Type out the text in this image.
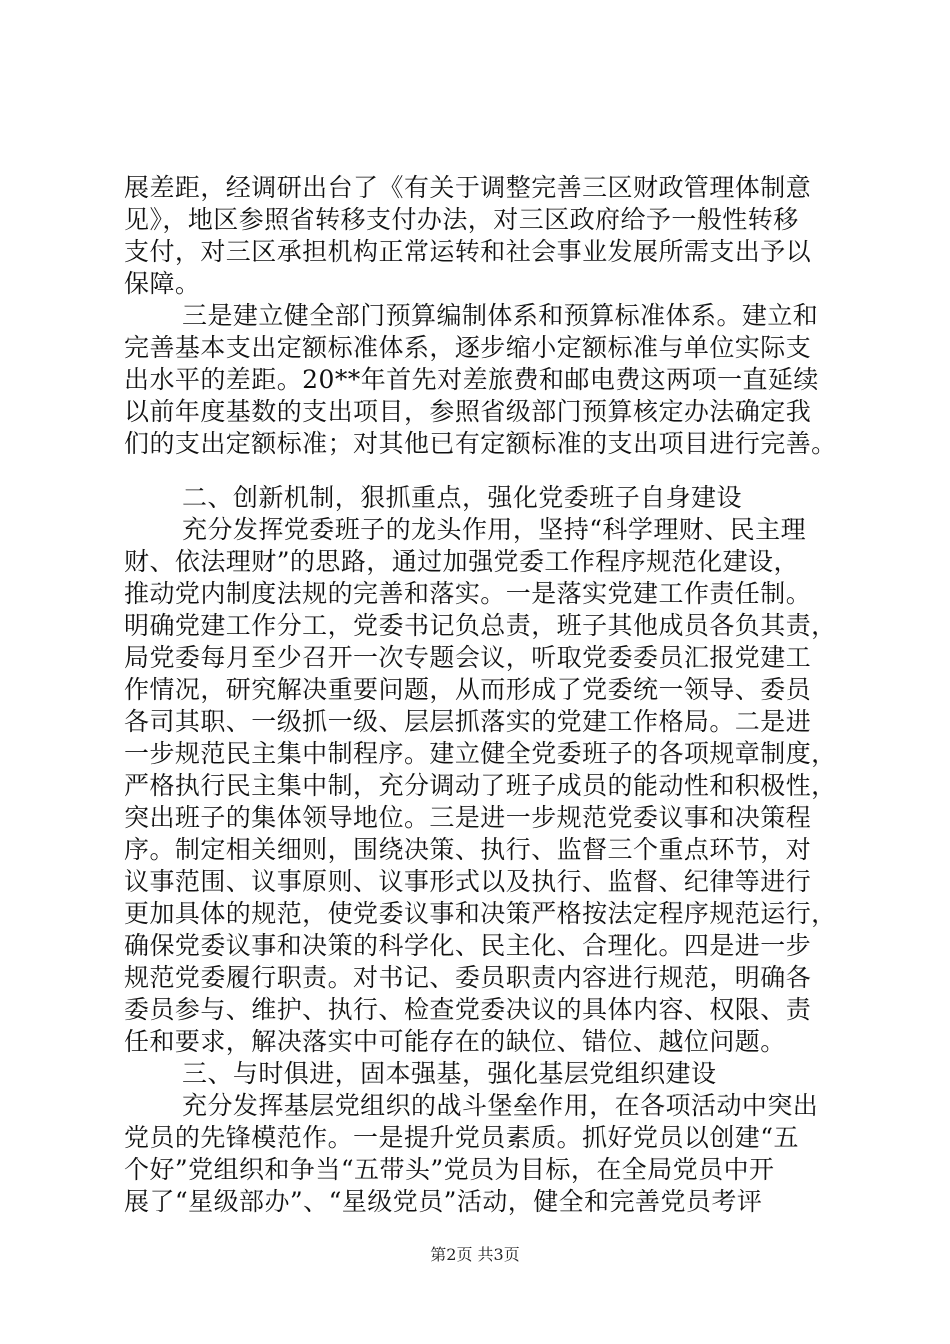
展差距，经调研出台了《有关于调整完善三区财政管理体制意
见》，地区参照省转移支付办法，对三区政府给予一般性转移
支付，对三区承担机构正常运转和社会事业发展所需支出予以
保障。
三是建立健全部门预算编制体系和预算标准体系。建立和
完善基本支出定额标准体系，逐步缩小定额标准与单位实际支
出水平的差距。20**年首先对差旅费和邮电费这两项一直延续
以前年度基数的支出项目，参照省级部门预算核定办法确定我
们的支出定额标准；对其他已有定额标准的支出项目进行完善。
二、创新机制，狠抓重点，强化党委班子自身建设
充分发挥党委班子的龙头作用，坚持“科学理财、民主理
财、依法理财”的思路，通过加强党委工作程序规范化建设，
推动党内制度法规的完善和落实。一是落实党建工作责任制。
明确党建工作分工，党委书记负总责，班子其他成员各负其责，
局党委每月至少召开一次专题会议，听取党委委员汇报党建工
作情况，研究解决重要问题，从而形成了党委统一领导、委员
各司其职、一级抓一级、层层抓落实的党建工作格局。二是进
一步规范民主集中制程序。建立健全党委班子的各项规章制度，
严格执行民主集中制，充分调动了班子成员的能动性和积极性，
突出班子的集体领导地位。三是进一步规范党委议事和决策程
序。制定相关细则，围绕决策、执行、监督三个重点环节，对
议事范围、议事原则、议事形式以及执行、监督、纪律等进行
更加具体的规范，使党委议事和决策严格按法定程序规范运行，
确保党委议事和决策的科学化、民主化、合理化。四是进一步
规范党委履行职责。对书记、委员职责内容进行规范，明确各
委员参与、维护、执行、检查党委决议的具体内容、权限、责
任和要求，解决落实中可能存在的缺位、错位、越位问题。
三、与时俱进，固本强基，强化基层党组织建设
充分发挥基层党组织的战斗堡垒作用，在各项活动中突出
党员的先锋模范作。一是提升党员素质。抓好党员以创建“五
个好”党组织和争当“五带头”党员为目标，在全局党员中开
展了“星级部办”、“星级党员”活动，健全和完善党员考评
第2页 共3页
